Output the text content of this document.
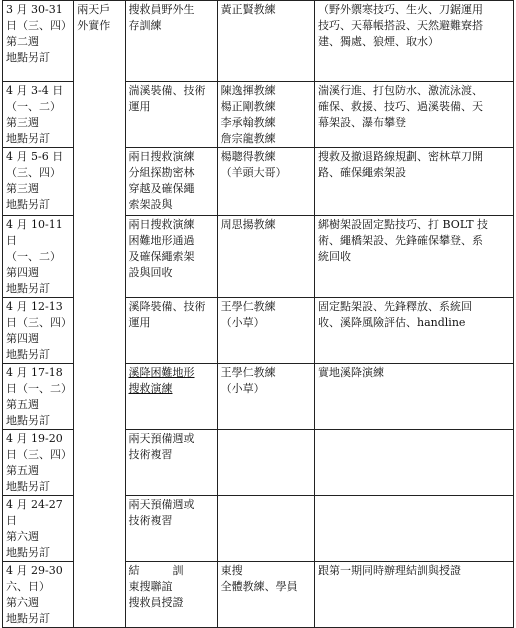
3 月 30-31
日（三、四）
第二週
地點另訂	兩天戶
外實作	搜救員野外生
存訓練	黃正賢教練	（野外禦寒技巧、生火、刀鋸運用
技巧、天幕帳搭設、天然避難寮搭
建、獨處、狼煙、取水）

4 月 3-4 日
（一、二）
第三週
地點另訂		湍溪裝備、技術
運用	陳逸揮教練
楊正剛教練
李承翰教練
詹宗龍教練	湍溪行進、打包防水、激流泳渡、
確保、救援、技巧、過溪裝備、天
幕架設、瀑布攀登

4 月 5-6 日
（三、四）
第三週
地點另訂		兩日搜救演練
分組探勘密林
穿越及確保繩
索架設與	楊聰得教練
（羊頭大哥）	搜救及撤退路線規劃、密林草刀開
路、確保繩索架設

4 月 10-11
日
（一、二）
第四週
地點另訂		兩日搜救演練
困難地形通過
及確保繩索架
設與回收	周思揚教練	綁樹架設固定點技巧、打 BOLT 技
術、繩橋架設、先鋒確保攀登、系
統回收

4 月 12-13
日（三、四）
第四週
地點另訂		溪降裝備、技術
運用	王學仁教練
（小草）	固定點架設、先鋒釋放、系統回
收、溪降風險評估、handline

4 月 17-18
日（一、二）
第五週
地點另訂		溪降困難地形
搜救演練	王學仁教練
（小草）	實地溪降演練

4 月 19-20
日（三、四）
第五週
地點另訂		兩天預備週或
技術複習		

4 月 24-27
日
第六週
地點另訂		兩天預備週或
技術複習		

4 月 29-30
六、日）
第六週
地點另訂		結　　　訓
東搜聯誼
搜救員授證	東搜
全體教練、學員	跟第一期同時辦理結訓與授證
